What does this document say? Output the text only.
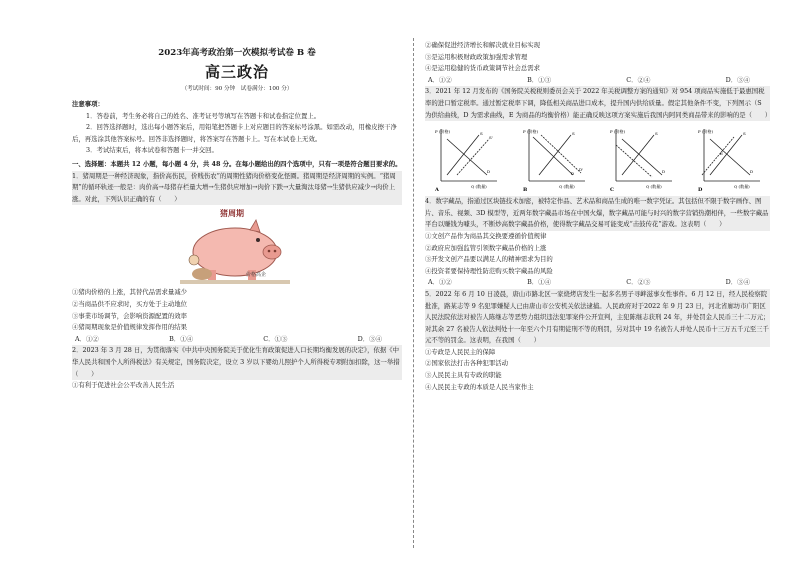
2023年高考政治第一次模拟考试卷 B 卷
高三政治
（考试时间：90 分钟　试卷满分：100 分）
注意事项：

1．答卷前，考生务必将自己的姓名、准考证号等填写在答题卡和试卷指定位置上。

2．回答选择题时，选出每小题答案后，用铅笔把答题卡上对应题目的答案标号涂黑。如需改动，用橡皮擦干净后，再选涂其他答案标号。回答非选择题时，将答案写在答题卡上。写在本试卷上无效。

3．考试结束后，将本试卷和答题卡一并交回。

一、选择题：本题共 12 小题，每小题 4 分，共 48 分。在每小题给出的四个选项中，只有一项是符合题目要求的。

1．猪周期是一种经济现象，指价高伤民，价贱伤农”的周期性猪肉价格变化怪圈。猪周期是经济周期的实例。“猪周期”的循环轨迹一般是：肉价高→母猪存栏量大增→生猪供应增加→肉价下跌→大量淘汰母猪→生猪供应减少→肉价上涨。对此，下列认识正确的有（　　）

猪周期
价格高企

①猪肉价格的上涨，其替代品需求量减少

②当商品供不应求时，买方处于主动地位

③事業市场调节，会影响资源配置的效率

④猪周期现象是价值规律发挥作用的结果

A．①②	B．①④	C．①③	D．③④

2．2023 年 3 月 28 日，为贯彻落实《中共中央国务院关于优化生育政策促进人口长期均衡发展的决定》，依据《中华人民共和国个人所得税法》有关规定，国务院决定，设立 3 岁以下婴幼儿照护个人所得税专项附加扣除，这一举措（　　）

①有利于促进社会公平改善人民生活

②确保促进经济增长和解决就业目标实现

③是运用积极财政政策加强需求管理

④是运用稳健的货币政策调节社会总需求

A．①②	B．①③	C．②④	D．③④

3．2021 年 12 月发布的《国务院关税税则委员会关于 2022 年关税调整方案的通知》对 954 项商品实施低于最惠国税率的进口暂定税率。通过暂定税率下调，降低相关商品进口成本，提升国内供给质量。假定其他条件不变，下列图示（S 为供给曲线，D 为需求曲线，E 为商品的均衡价格）能正确反映这项方案实施后我国内阿同类商品带来的影响的是（　　）

P (价格)
Q (数量)
S
S'
D
A
P (价格)
Q (数量)
S
D
D'
B
P (价格)
Q (数量)
S
D
C
P (价格)
Q (数量)
S
D
E
D

4．数字藏品，指通过区块链技术加密，被特定作品、艺术品和商品生成的唯一数字凭证。其包括但不限于数字画作、图片、音乐、视频、3D 模型等，近两年数字藏品市场在中国火爆，数字藏品可能与时兴的数字营销热潮相伴，一些数字藏品平台以赚钱为噱头，不断炒高数字藏品价格，使得数字藏品交易可能变成“击鼓传花”游戏。这表明（　　）

①文创产品作为商品其交换要遵循价值规律

②政府应加强监管引领数字藏品价格的上涨

③开发文创产品要以满足人的精神需求为目的

④投资者要保持理性防范购买数字藏品的风险

A．①②	B．①④	C．②③	D．③④

5．2022 年 6 月 10 日凌晨，唐山市路北区一家烧烤店发生一起多名男子寻衅滋事女性事件。6 月 12 日，经人民检察院批准，路某志等 9 名犯罪嫌疑人已由唐山市公安机关依法逮捕。人民政府对于2022 年 9 月 23 日，河北省廊坊市广阳区人民法院依法对被告人陈继志等恶势力组织违法犯罪案件公开宣判，主犯陈继志获刑 24 年，并处罚金人民币三十二万元；对其余 27 名被告人依法判处十一年至六个月有期徒刑不等的刑罚，另对其中 19 名被告人并处人民币十三万五千元至三千元不等的罚金。这表明，在我国（　　）

①专政是人民民主的保障

②国家依法打击各种犯罪活动

③人民民主具有专政的职能

④人民民主专政的本质是人民当家作主
